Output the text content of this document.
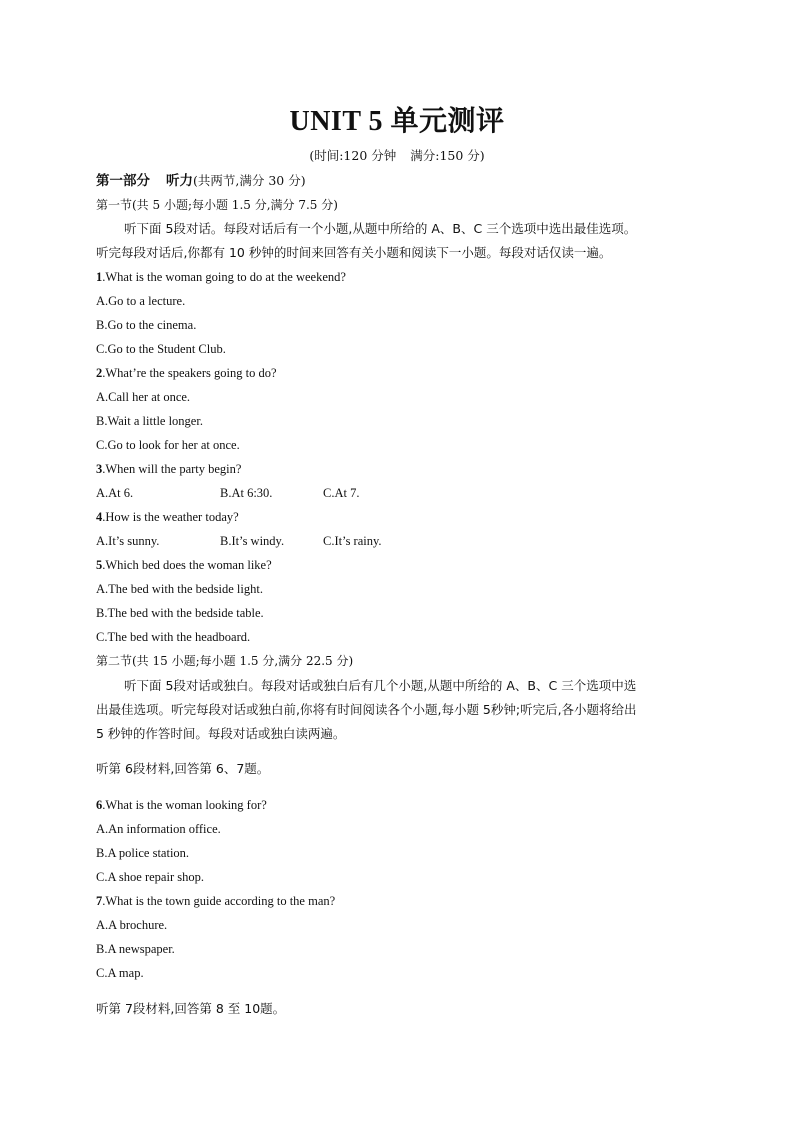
UNIT 5 单元测评
(时间:120 分钟 满分:150 分)
第一部分 听力(共两节,满分 30 分)
第一节(共 5 小题;每小题 1.5 分,满分 7.5 分)
听下面 5段对话。每段对话后有一个小题,从题中所给的 A、B、C 三个选项中选出最佳选项。
听完每段对话后,你都有 10 秒钟的时间来回答有关小题和阅读下一小题。每段对话仅读一遍。
1.What is the woman going to do at the weekend?
A.Go to a lecture.
B.Go to the cinema.
C.Go to the Student Club.
2.What’re the speakers going to do?
A.Call her at once.
B.Wait a little longer.
C.Go to look for her at once.
3.When will the party begin?
A.At 6.	B.At 6:30.	C.At 7.
4.How is the weather today?
A.It’s sunny.	B.It’s windy.	C.It’s rainy.
5.Which bed does the woman like?
A.The bed with the bedside light.
B.The bed with the bedside table.
C.The bed with the headboard.
第二节(共 15 小题;每小题 1.5 分,满分 22.5 分)
听下面 5段对话或独白。每段对话或独白后有几个小题,从题中所给的 A、B、C 三个选项中选
出最佳选项。听完每段对话或独白前,你将有时间阅读各个小题,每小题 5秒钟;听完后,各小题将给出
5 秒钟的作答时间。每段对话或独白读两遍。
听第 6段材料,回答第 6、7题。
6.What is the woman looking for?
A.An information office.
B.A police station.
C.A shoe repair shop.
7.What is the town guide according to the man?
A.A brochure.
B.A newspaper.
C.A map.
听第 7段材料,回答第 8 至 10题。
